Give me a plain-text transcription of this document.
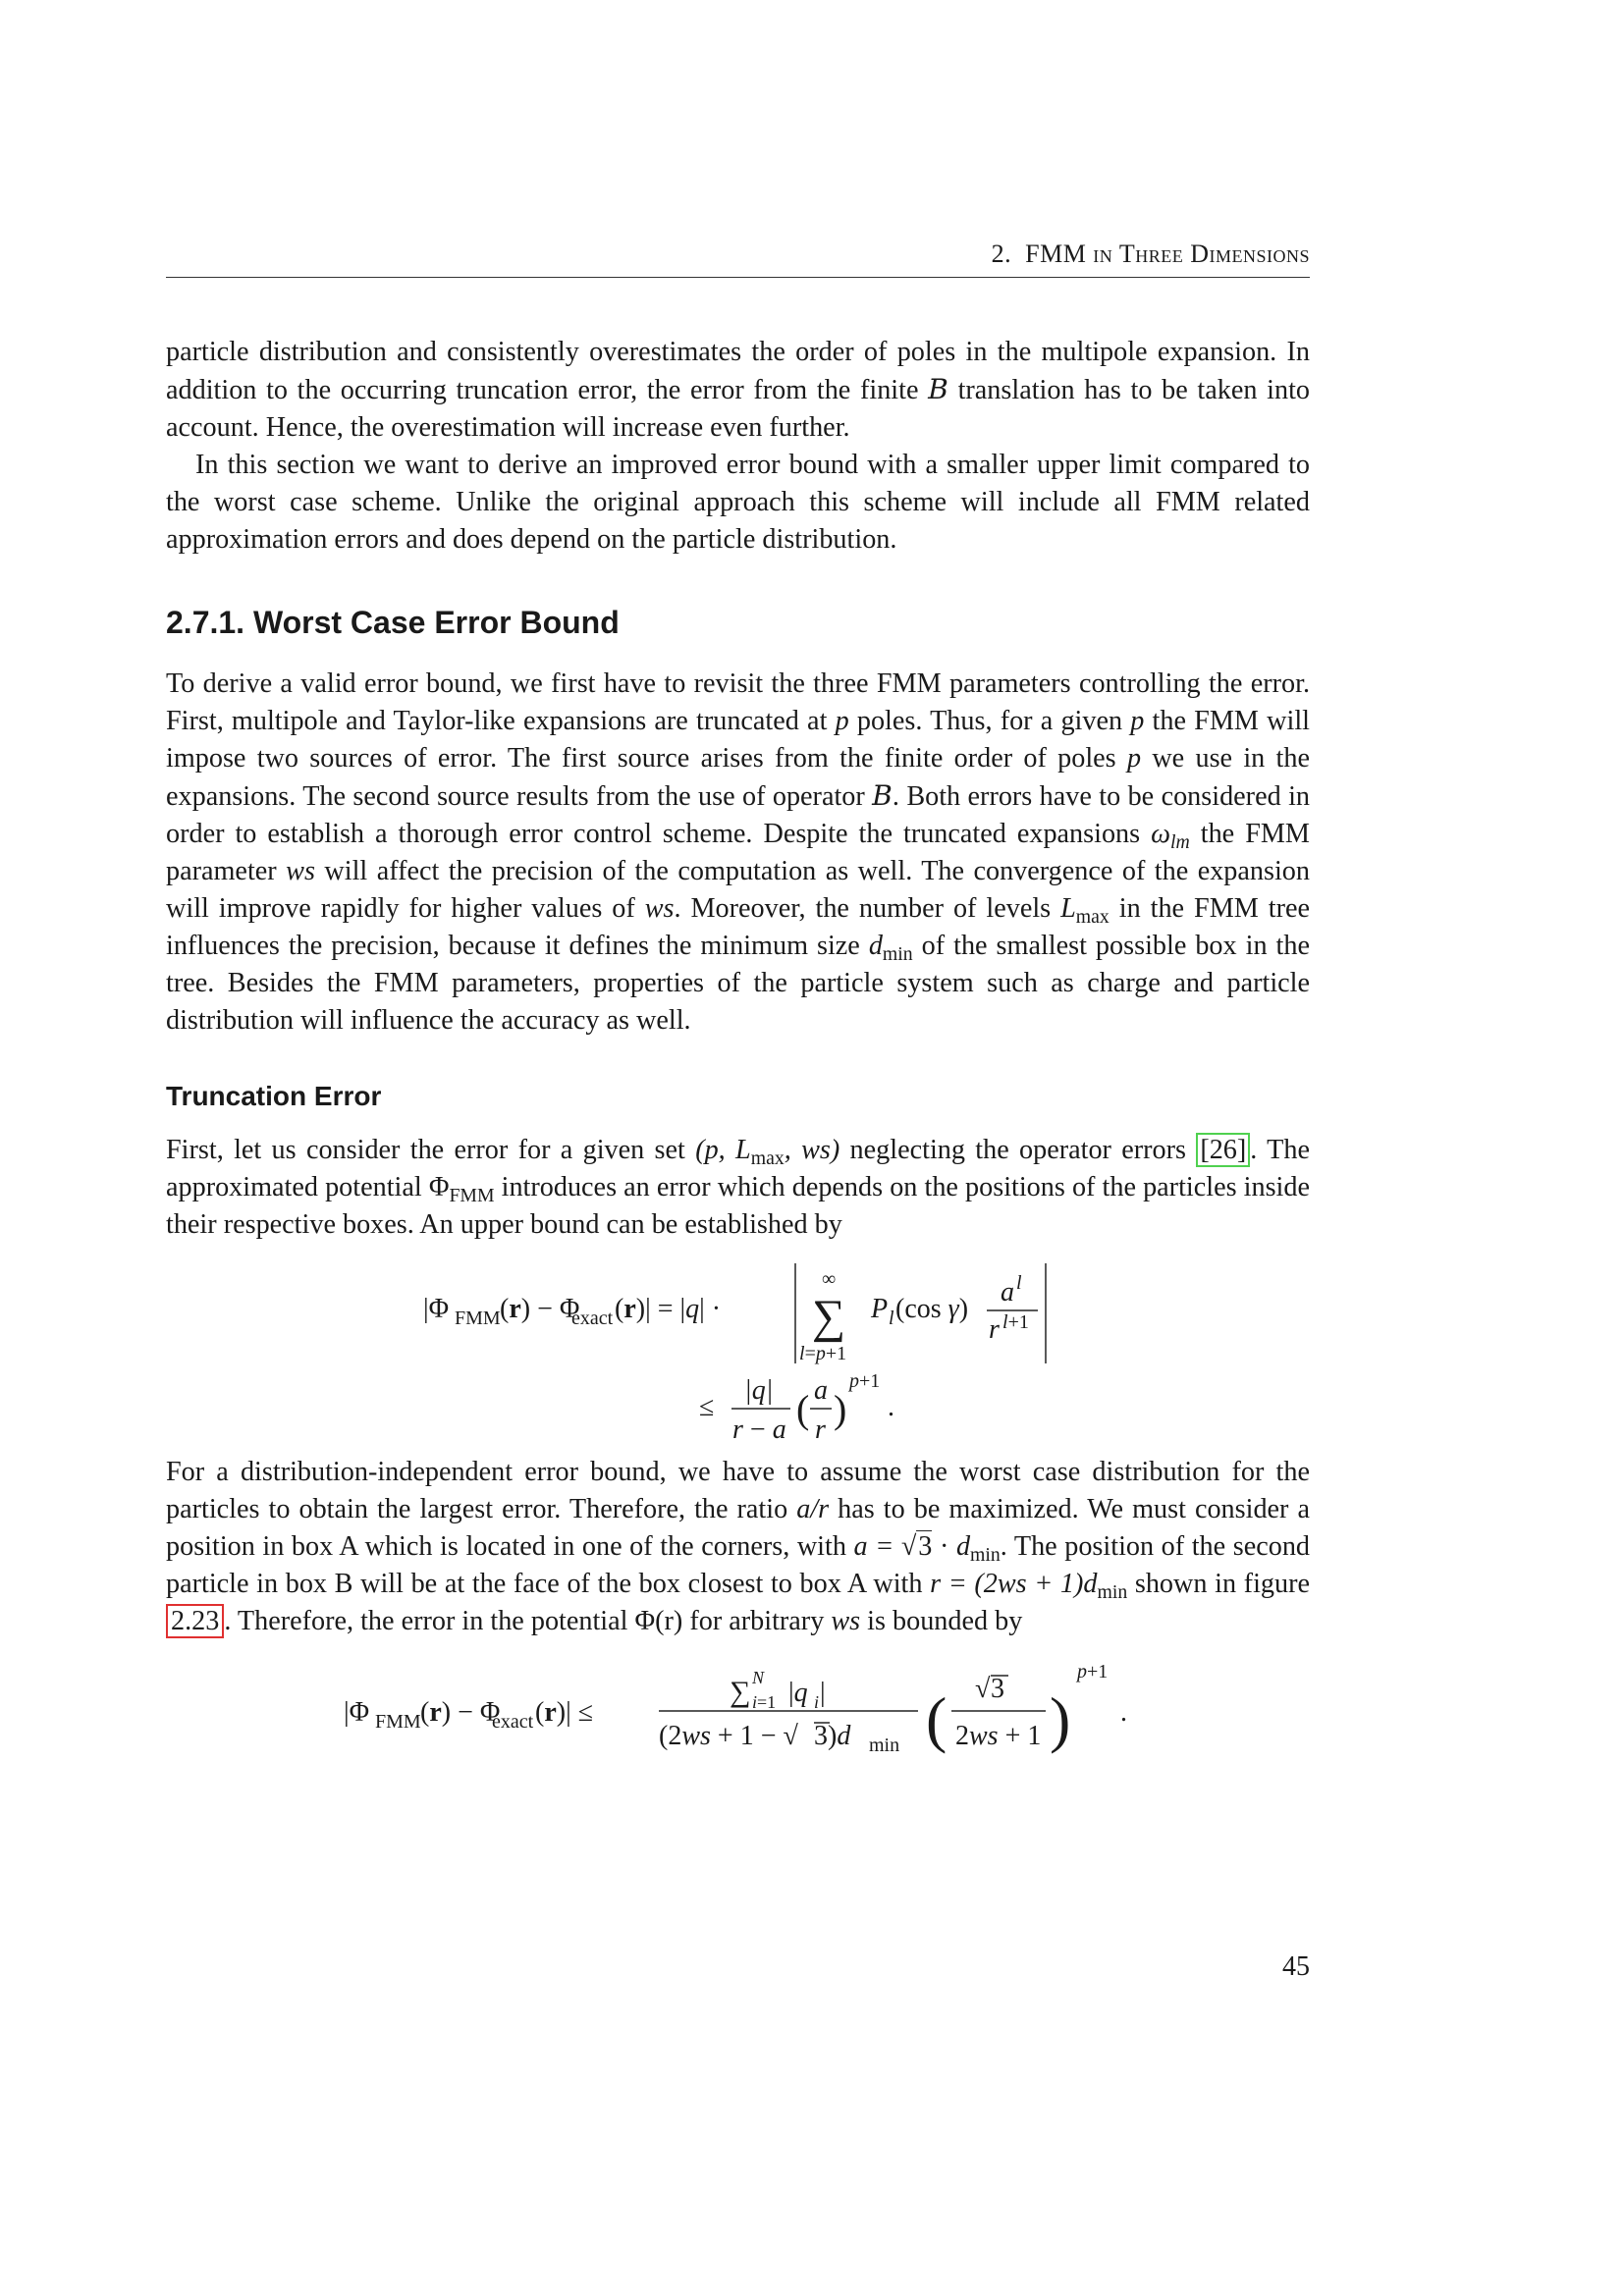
2. FMM in Three Dimensions

particle distribution and consistently overestimates the order of poles in the multipole expansion. In addition to the occurring truncation error, the error from the finite B translation has to be taken into account. Hence, the overestimation will increase even further.

In this section we want to derive an improved error bound with a smaller upper limit compared to the worst case scheme. Unlike the original approach this scheme will include all FMM related approximation errors and does depend on the particle distribution.

2.7.1. Worst Case Error Bound

To derive a valid error bound, we first have to revisit the three FMM parameters controlling the error. First, multipole and Taylor-like expansions are truncated at p poles. Thus, for a given p the FMM will impose two sources of error. The first source arises from the finite order of poles p we use in the expansions. The second source results from the use of operator B. Both errors have to be considered in order to establish a thorough error control scheme. Despite the truncated expansions $\omega_{lm}$ the FMM parameter ws will affect the precision of the computation as well. The convergence of the expansion will improve rapidly for higher values of ws. Moreover, the number of levels $L_{max}$ in the FMM tree influences the precision, because it defines the minimum size $d_{min}$ of the smallest possible box in the tree. Besides the FMM parameters, properties of the particle system such as charge and particle distribution will influence the accuracy as well.

Truncation Error

First, let us consider the error for a given set (p, $L_{max}$, ws) neglecting the operator errors [26] . The approximated potential $\Phi_{FMM}$ introduces an error which depends on the positions of the particles inside their respective boxes. An upper bound can be established by

|Φ FMM (r) − Φ
exact (r)| = |q| ·
∞
∑
l=p+1
P l (cos γ)
a l
r l+1
≤
|q|
r − a ( a
r )
p+1
.

For a distribution-independent error bound, we have to assume the worst case distribution for the particles to obtain the largest error. Therefore, the ratio a/r has to be maximized. We must consider a position in box A which is located in one of the corners, with $a = √3 \cdot d_{min}$. The position of the second particle in box B will be at the face of the box closest to box A with $r = (2ws + 1)d_{min}$ shown in figure 2.23 . Therefore, the error in the potential Φ(r) for arbitrary ws is bounded by

|Φ FMM (r) − Φ
exact (r)| ≤
∑ N
i=1 |q i |
(2ws + 1 − √ 3)d min ( √ 3
2ws + 1 )
p+1
.
45
